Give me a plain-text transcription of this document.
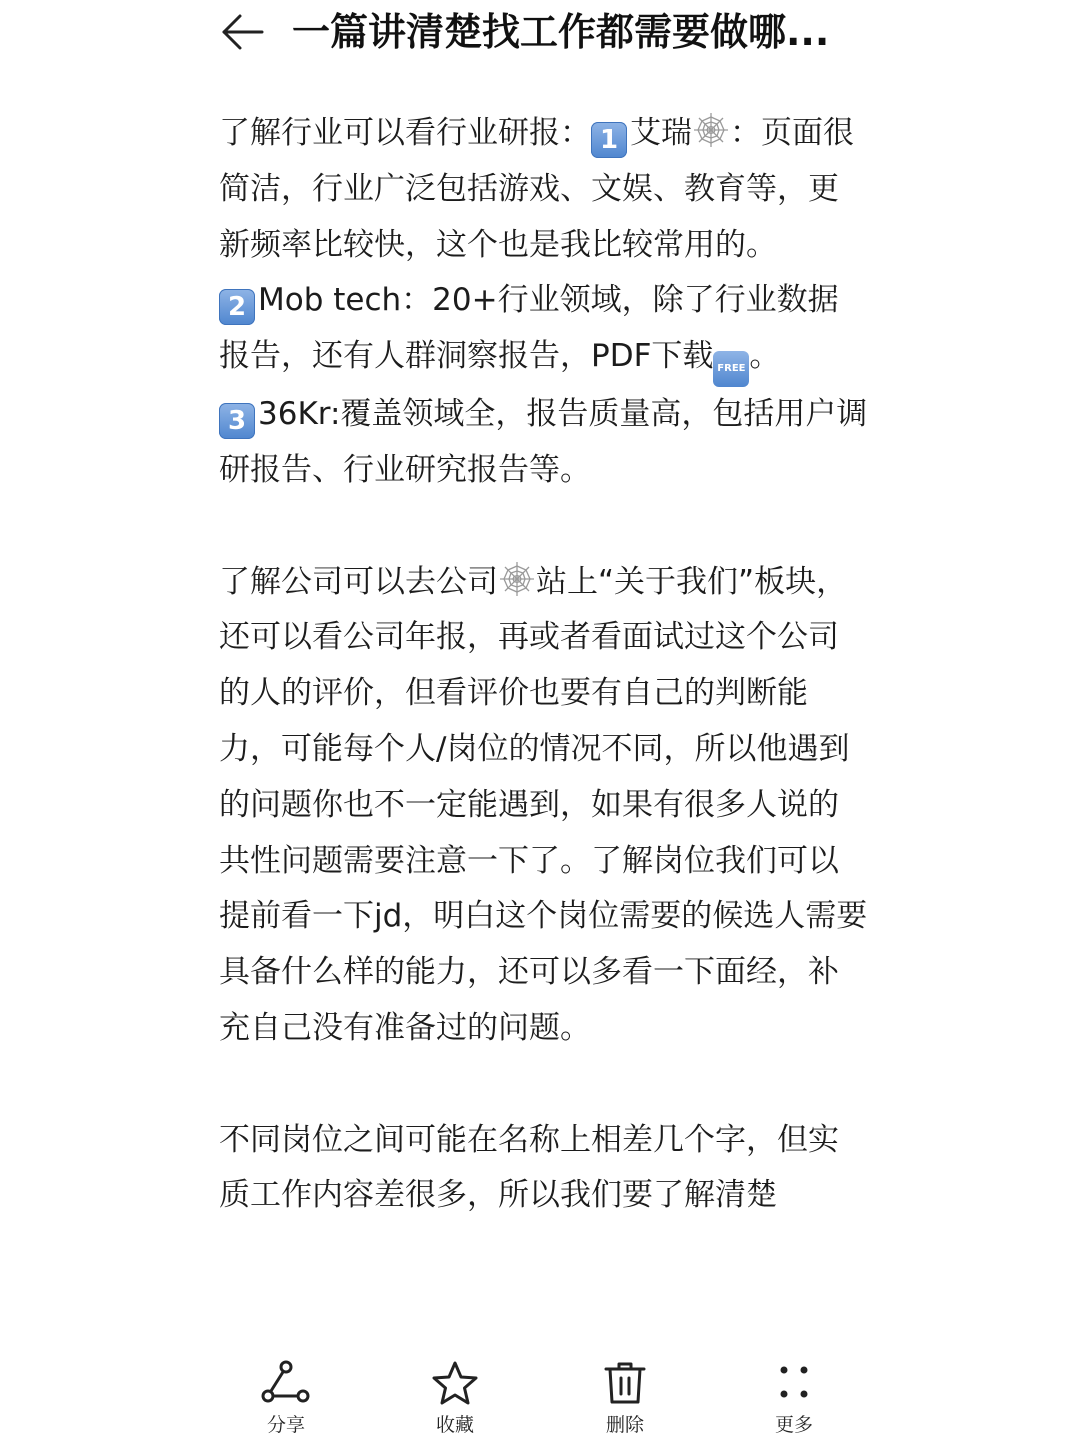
一篇讲清楚找工作都需要做哪...

了解行业可以看行业研报： 1 艾瑞 ：页面很简洁，行业广泛包括游戏、文娱、教育等，更新频率比较快，这个也是我比较常用的。
2 Mob tech：20+行业领域，除了行业数据报告，还有人群洞察报告，PDF下载 FREE 。
3 36Kr:覆盖领域全，报告质量高，包括用户调研报告、行业研究报告等。

了解公司可以去公司 站上“关于我们”板块，还可以看公司年报，再或者看面试过这个公司的人的评价，但看评价也要有自己的判断能力，可能每个人/岗位的情况不同，所以他遇到的问题你也不一定能遇到，如果有很多人说的共性问题需要注意一下了。了解岗位我们可以提前看一下jd，明白这个岗位需要的候选人需要具备什么样的能力，还可以多看一下面经，补充自己没有准备过的问题。

不同岗位之间可能在名称上相差几个字，但实质工作内容差很多，所以我们要了解清楚

分享	收藏	删除	更多
